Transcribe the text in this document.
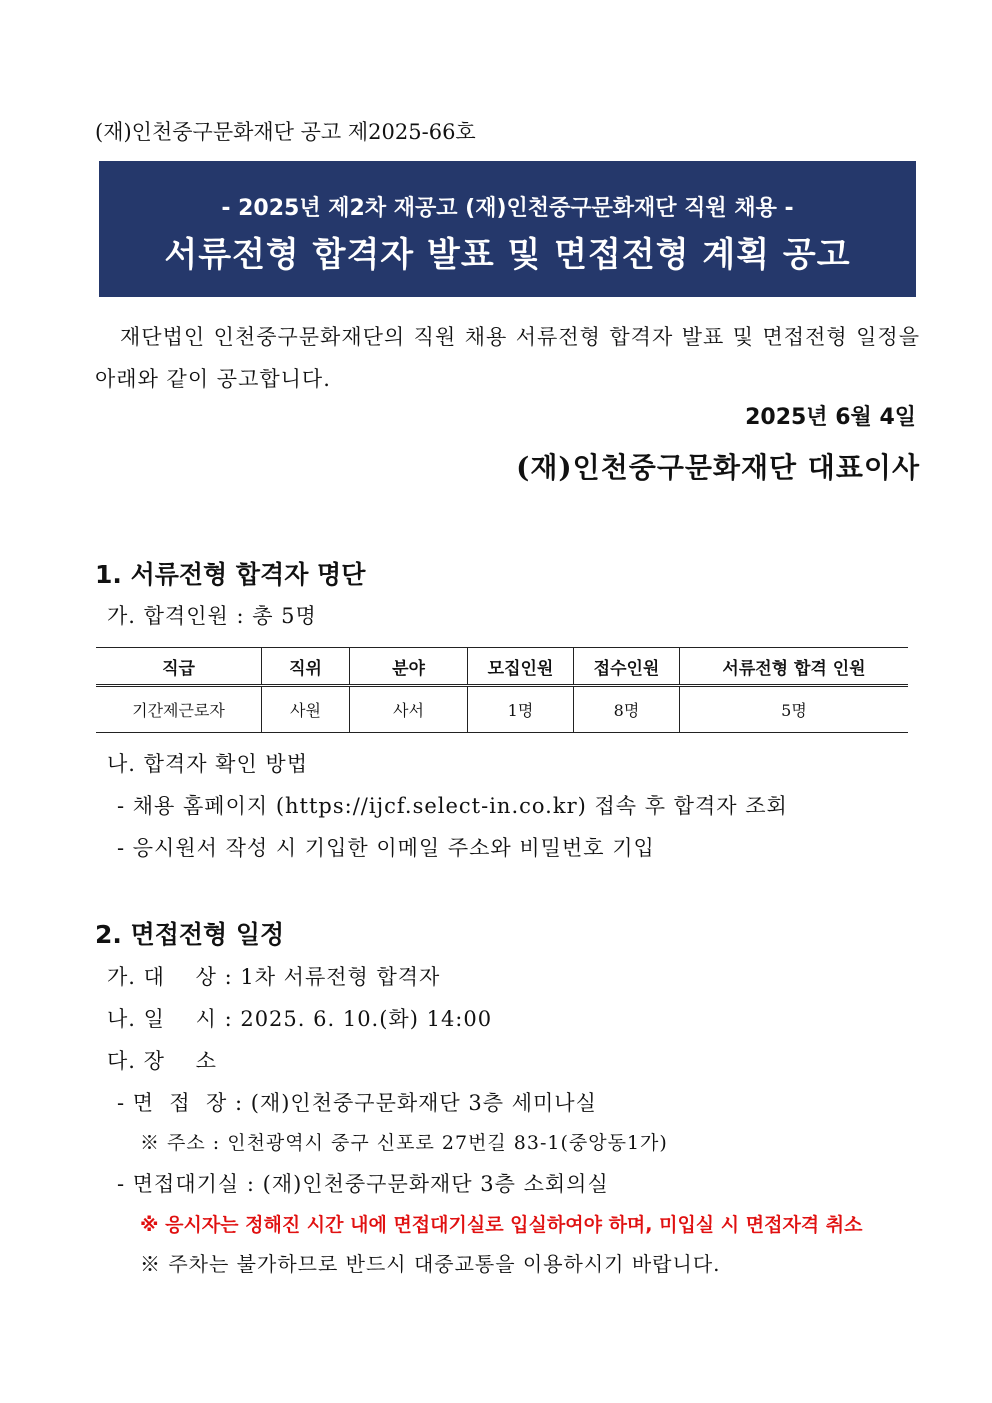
(재)인천중구문화재단 공고 제2025-66호
- 2025년 제2차 재공고 (재)인천중구문화재단 직원 채용 -
서류전형 합격자 발표 및 면접전형 계획 공고
재단법인 인천중구문화재단의 직원 채용 서류전형 합격자 발표 및 면접전형 일정을 아래와 같이 공고합니다.
2025년 6월 4일
(재)인천중구문화재단 대표이사
1. 서류전형 합격자 명단
가. 합격인원 : 총 5명
직급	직위	분야	모집인원	접수인원	서류전형 합격 인원
기간제근로자	사원	사서	1명	8명	5명
나. 합격자 확인 방법
- 채용 홈페이지 (https://ijcf.select-in.co.kr) 접속 후 합격자 조회
- 응시원서 작성 시 기입한 이메일 주소와 비밀번호 기입
2. 면접전형 일정
가. 대    상 : 1차 서류전형 합격자
나. 일    시 : 2025. 6. 10.(화) 14:00
다. 장    소
- 면  접  장 : (재)인천중구문화재단 3층 세미나실
※ 주소 : 인천광역시 중구 신포로 27번길 83-1(중앙동1가)
- 면접대기실 : (재)인천중구문화재단 3층 소회의실
※ 응시자는 정해진 시간 내에 면접대기실로 입실하여야 하며, 미입실 시 면접자격 취소
※ 주차는 불가하므로 반드시 대중교통을 이용하시기 바랍니다.
